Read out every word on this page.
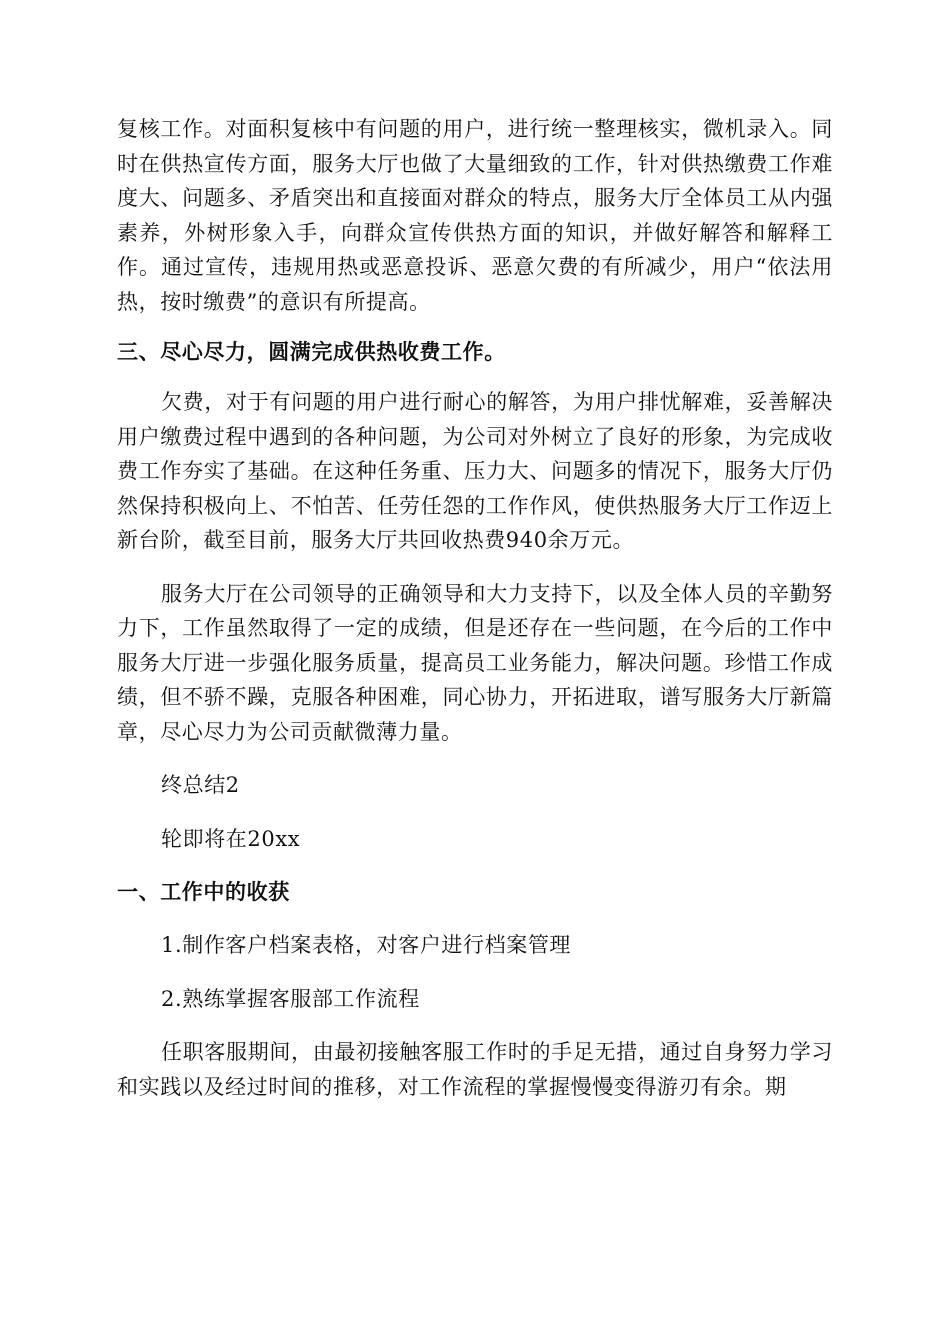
复核工作。对面积复核中有问题的用户，进行统一整理核实，微机录入。同时在供热宣传方面，服务大厅也做了大量细致的工作，针对供热缴费工作难度大、问题多、矛盾突出和直接面对群众的特点，服务大厅全体员工从内强素养，外树形象入手，向群众宣传供热方面的知识，并做好解答和解释工作。通过宣传，违规用热或恶意投诉、恶意欠费的有所减少，用户“依法用热，按时缴费”的意识有所提高。

三、尽心尽力，圆满完成供热收费工作。

欠费，对于有问题的用户进行耐心的解答，为用户排忧解难，妥善解决用户缴费过程中遇到的各种问题，为公司对外树立了良好的形象，为完成收费工作夯实了基础。在这种任务重、压力大、问题多的情况下，服务大厅仍然保持积极向上、不怕苦、任劳任怨的工作作风，使供热服务大厅工作迈上新台阶，截至目前，服务大厅共回收热费940余万元。

服务大厅在公司领导的正确领导和大力支持下，以及全体人员的辛勤努力下，工作虽然取得了一定的成绩，但是还存在一些问题，在今后的工作中服务大厅进一步强化服务质量，提高员工业务能力，解决问题。珍惜工作成绩，但不骄不躁，克服各种困难，同心协力，开拓进取，谱写服务大厅新篇章，尽心尽力为公司贡献微薄力量。

终总结2

轮即将在20xx

一、工作中的收获

1.制作客户档案表格，对客户进行档案管理

2.熟练掌握客服部工作流程

任职客服期间，由最初接触客服工作时的手足无措，通过自身努力学习和实践以及经过时间的推移，对工作流程的掌握慢慢变得游刃有余。期
